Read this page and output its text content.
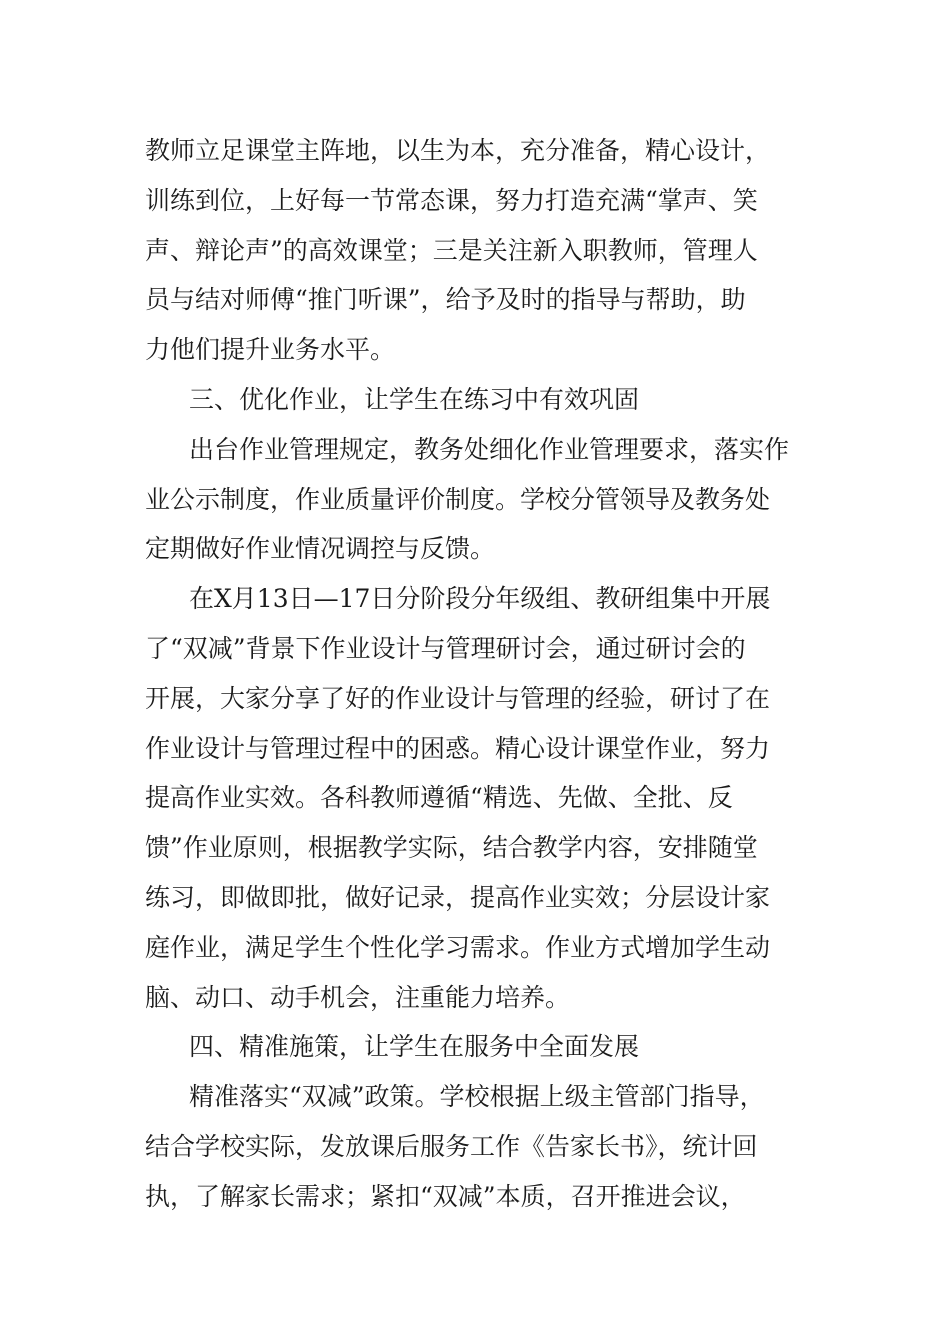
教师立足课堂主阵地，以生为本，充分准备，精心设计，
训练到位，上好每一节常态课，努力打造充满“掌声、笑
声、辩论声”的高效课堂；三是关注新入职教师，管理人
员与结对师傅“推门听课”，给予及时的指导与帮助，助
力他们提升业务水平。
三、优化作业，让学生在练习中有效巩固
出台作业管理规定，教务处细化作业管理要求，落实作
业公示制度，作业质量评价制度。学校分管领导及教务处
定期做好作业情况调控与反馈。
在X月13日—17日分阶段分年级组、教研组集中开展
了“双减”背景下作业设计与管理研讨会，通过研讨会的
开展，大家分享了好的作业设计与管理的经验，研讨了在
作业设计与管理过程中的困惑。精心设计课堂作业，努力
提高作业实效。各科教师遵循“精选、先做、全批、反
馈”作业原则，根据教学实际，结合教学内容，安排随堂
练习，即做即批，做好记录，提高作业实效；分层设计家
庭作业，满足学生个性化学习需求。作业方式增加学生动
脑、动口、动手机会，注重能力培养。
四、精准施策，让学生在服务中全面发展
精准落实“双减”政策。学校根据上级主管部门指导，
结合学校实际，发放课后服务工作《告家长书》，统计回
执，了解家长需求；紧扣“双减”本质，召开推进会议，
